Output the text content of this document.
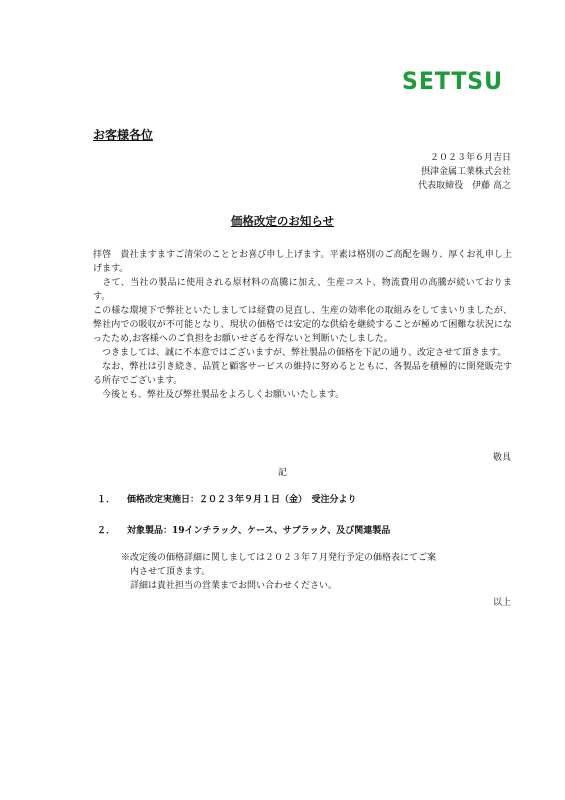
SETTSU
お客様各位
２０２３年６月吉日
摂津金属工業株式会社
代表取締役　伊藤 高之
価格改定のお知らせ

拝啓　貴社ますますご清栄のこととお喜び申し上げます。平素は格別のご高配を賜り、厚くお礼申し上げます。

　さて、当社の製品に使用される原材料の高騰に加え、生産コスト、物流費用の高騰が続いております。

この様な環境下で弊社といたしましては経費の見直し、生産の効率化の取組みをしてまいりましたが、弊社内での吸収が不可能となり、現状の価格では安定的な供給を継続することが極めて困難な状況になったため,お客様へのご負担をお願いせざるを得ないと判断いたしました。

　つきましては、誠に不本意ではございますが、弊社製品の価格を下記の通り、改定させて頂きます。

　なお、弊社は引き続き、品質と顧客サービスの維持に努めるとともに、各製品を積極的に開発販売する所存でございます。

　今後とも、弊社及び弊社製品をよろしくお願いいたします。

敬具
記
１． 価格改定実施日：２０２３年９月１日（金）　受注分より
２． 対象製品：19インチラック、ケース、サブラック、及び関連製品
※改定後の価格詳細に関しましては２０２３年７月発行予定の価格表にてご案
　内させて頂きます。
　詳細は貴社担当の営業までお問い合わせください。
以上
